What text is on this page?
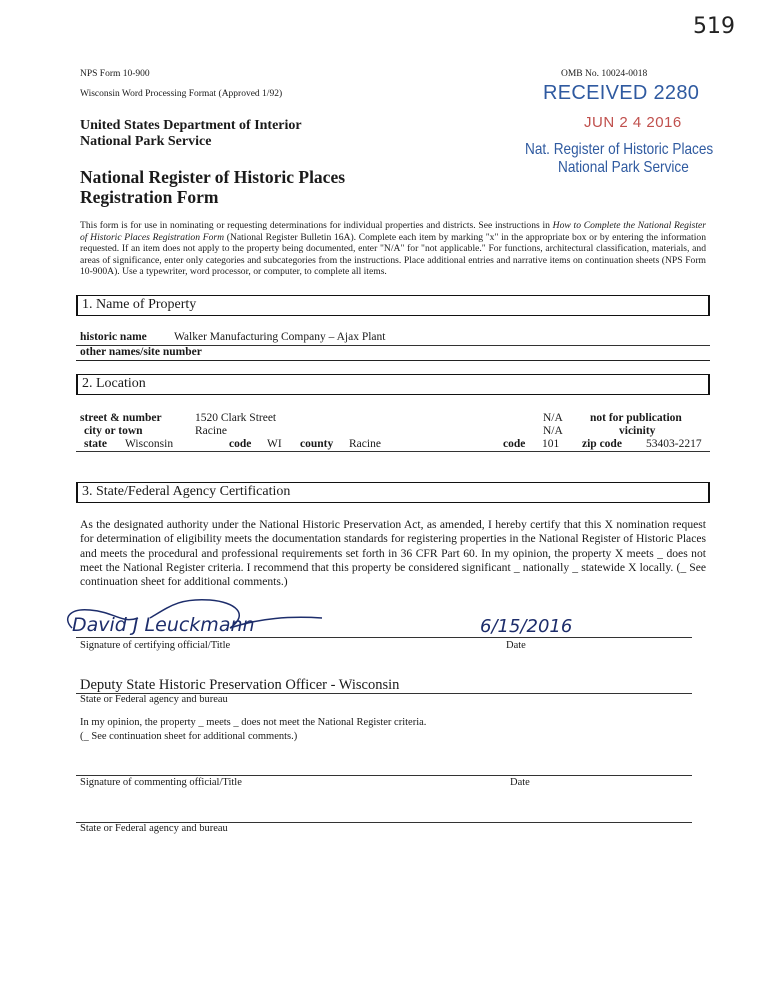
519
NPS Form 10-900
Wisconsin Word Processing Format (Approved 1/92)
OMB No. 10024-0018
RECEIVED 2280
JUN 2 4 2016
Nat. Register of Historic Places
National Park Service
United States Department of Interior
National Park Service
National Register of Historic Places
Registration Form
This form is for use in nominating or requesting determinations for individual properties and districts. See instructions in How to Complete the National Register of Historic Places Registration Form (National Register Bulletin 16A). Complete each item by marking "x" in the appropriate box or by entering the information requested. If an item does not apply to the property being documented, enter "N/A" for "not applicable." For functions, architectural classification, materials, and areas of significance, enter only categories and subcategories from the instructions. Place additional entries and narrative items on continuation sheets (NPS Form 10-900A). Use a typewriter, word processor, or computer, to complete all items.
1. Name of Property
historic name Walker Manufacturing Company – Ajax Plant
other names/site number
2. Location
street & number	1520 Clark Street	N/A not for publication
city or town	Racine	N/A	vicinity
state Wisconsin	code WI county Racine	code 101 zip code 53403-2217
3. State/Federal Agency Certification
As the designated authority under the National Historic Preservation Act, as amended, I hereby certify that this X nomination request for determination of eligibility meets the documentation standards for registering properties in the National Register of Historic Places and meets the procedural and professional requirements set forth in 36 CFR Part 60. In my opinion, the property X meets _ does not meet the National Register criteria. I recommend that this property be considered significant _ nationally _ statewide X locally. (_ See continuation sheet for additional comments.)
David J Leuckmann	6/15/2016
Signature of certifying official/Title	Date
Deputy State Historic Preservation Officer - Wisconsin
State or Federal agency and bureau
In my opinion, the property _ meets _ does not meet the National Register criteria.
(_ See continuation sheet for additional comments.)
Signature of commenting official/Title	Date
State or Federal agency and bureau
